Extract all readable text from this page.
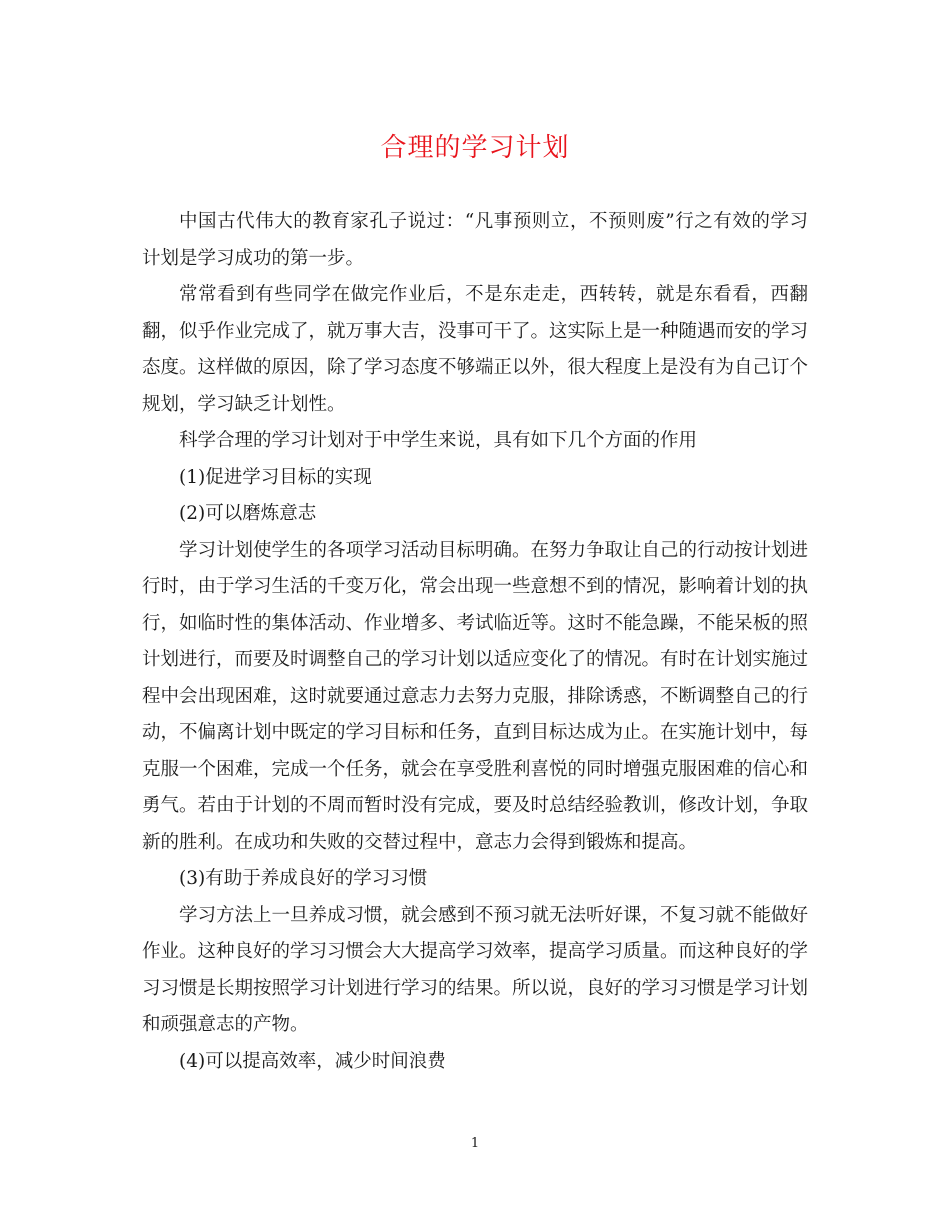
合理的学习计划

中国古代伟大的教育家孔子说过：“凡事预则立，不预则废”行之有效的学习计划是学习成功的第一步。

常常看到有些同学在做完作业后，不是东走走，西转转，就是东看看，西翻翻，似乎作业完成了，就万事大吉，没事可干了。这实际上是一种随遇而安的学习态度。这样做的原因，除了学习态度不够端正以外，很大程度上是没有为自己订个规划，学习缺乏计划性。

科学合理的学习计划对于中学生来说，具有如下几个方面的作用

(1)促进学习目标的实现

(2)可以磨炼意志

学习计划使学生的各项学习活动目标明确。在努力争取让自己的行动按计划进行时，由于学习生活的千变万化，常会出现一些意想不到的情况，影响着计划的执行，如临时性的集体活动、作业增多、考试临近等。这时不能急躁，不能呆板的照计划进行，而要及时调整自己的学习计划以适应变化了的情况。有时在计划实施过程中会出现困难，这时就要通过意志力去努力克服，排除诱惑，不断调整自己的行动，不偏离计划中既定的学习目标和任务，直到目标达成为止。在实施计划中，每克服一个困难，完成一个任务，就会在享受胜利喜悦的同时增强克服困难的信心和勇气。若由于计划的不周而暂时没有完成，要及时总结经验教训，修改计划，争取新的胜利。在成功和失败的交替过程中，意志力会得到锻炼和提高。

(3)有助于养成良好的学习习惯

学习方法上一旦养成习惯，就会感到不预习就无法听好课，不复习就不能做好作业。这种良好的学习习惯会大大提高学习效率，提高学习质量。而这种良好的学习习惯是长期按照学习计划进行学习的结果。所以说，良好的学习习惯是学习计划和顽强意志的产物。

(4)可以提高效率，减少时间浪费

1
